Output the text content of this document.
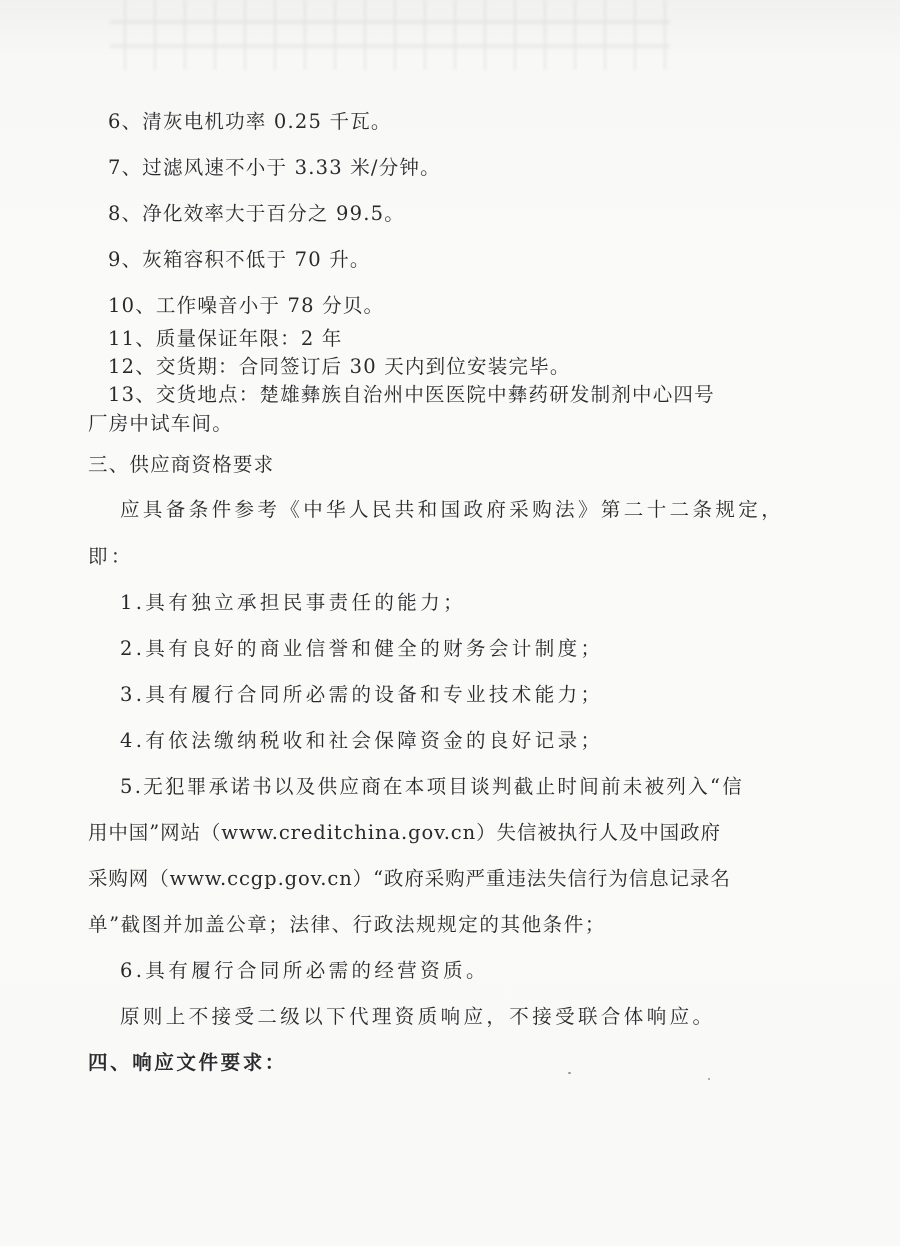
6、清灰电机功率 0.25 千瓦。

7、过滤风速不小于 3.33 米/分钟。

8、净化效率大于百分之 99.5。

9、灰箱容积不低于 70 升。

10、工作噪音小于 78 分贝。

11、质量保证年限：2 年

12、交货期：合同签订后 30 天内到位安装完毕。

13、交货地点：楚雄彝族自治州中医医院中彝药研发制剂中心四号

厂房中试车间。

三、供应商资格要求

应具备条件参考《中华人民共和国政府采购法》第二十二条规定，

即：

1.具有独立承担民事责任的能力；

2.具有良好的商业信誉和健全的财务会计制度；

3.具有履行合同所必需的设备和专业技术能力；

4.有依法缴纳税收和社会保障资金的良好记录；

5.无犯罪承诺书以及供应商在本项目谈判截止时间前未被列入“信

用中国”网站（www.creditchina.gov.cn）失信被执行人及中国政府

采购网（www.ccgp.gov.cn）“政府采购严重违法失信行为信息记录名

单”截图并加盖公章；法律、行政法规规定的其他条件；

6.具有履行合同所必需的经营资质。

原则上不接受二级以下代理资质响应，不接受联合体响应。

四、响应文件要求：
